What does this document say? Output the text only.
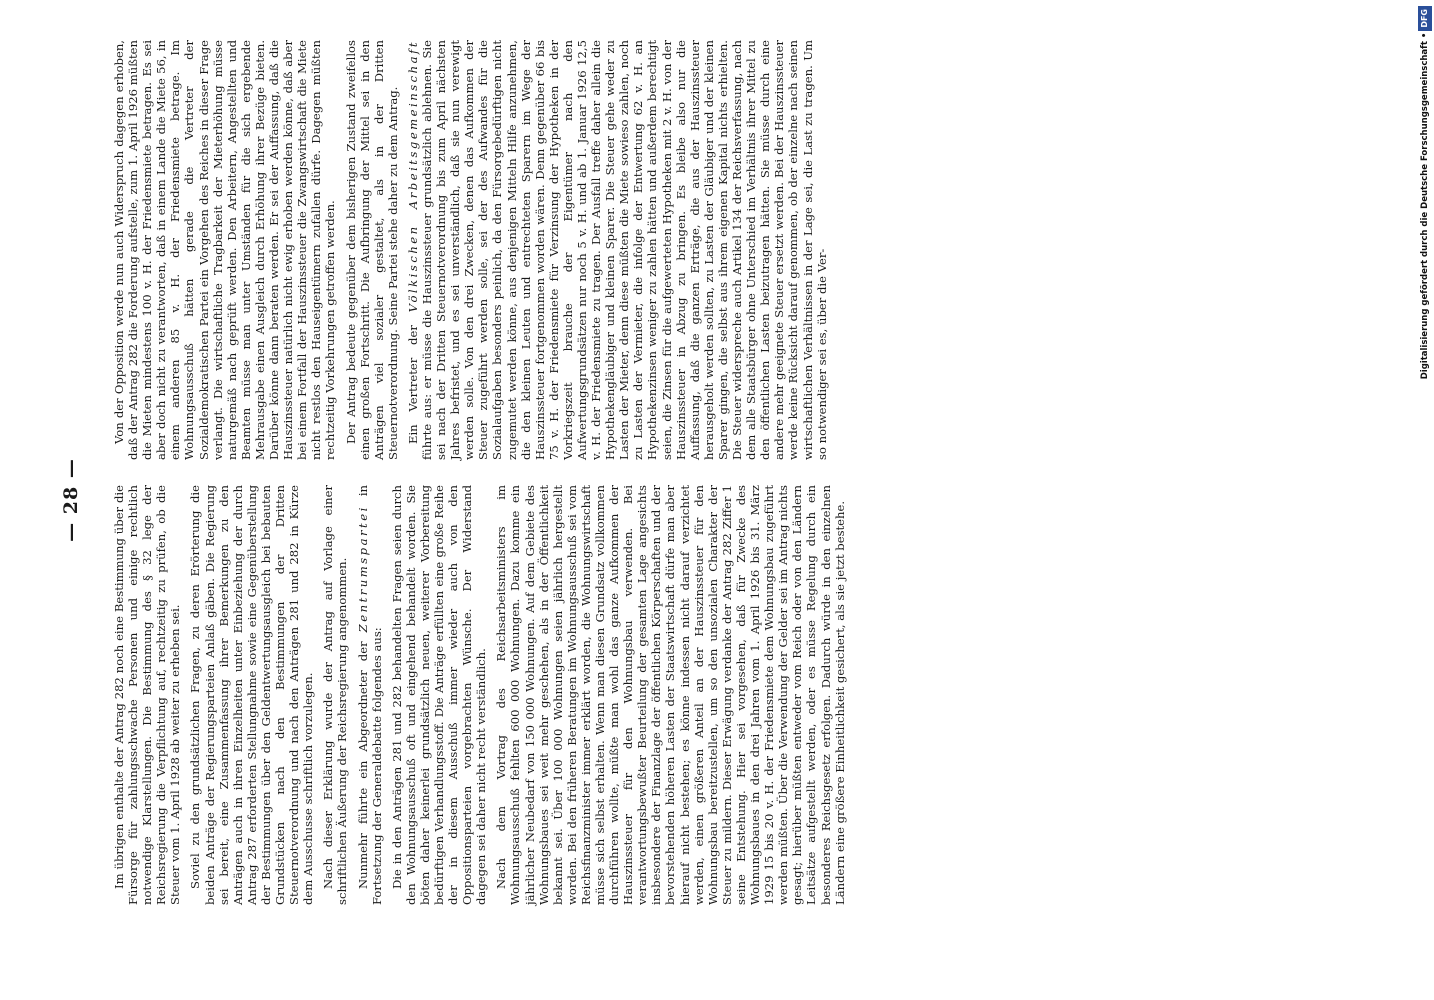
— 28 —	Im übrigen enthalte der Antrag 282 noch eine Bestimmung über die Fürsorge für zahlungsschwache Personen und einige rechtlich notwendige Klarstellungen. Die Bestimmung des § 32 lege der Reichsregierung die Verpflichtung auf, rechtzeitig zu prüfen, ob die Steuer vom 1. April 1928 ab weiter zu erheben sei. Soviel zu den grundsätzlichen Fragen, zu deren Erörterung die beiden Anträge der Regierungsparteien Anlaß gäben. Die Regierung sei bereit, eine Zusammenfassung ihrer Bemerkungen zu den Anträgen auch in ihren Einzelheiten unter Einbeziehung der durch Antrag 287 erforderten Stellungnahme sowie eine Gegenüberstellung der Bestimmungen über den Geldentwertungsausgleich bei bebauten Grundstücken nach den Bestimmungen der Dritten Steuernotverordnung und nach den Anträgen 281 und 282 in Kürze dem Ausschusse schriftlich vorzulegen. Nach dieser Erklärung wurde der Antrag auf Vorlage einer schriftlichen Äußerung der Reichsregierung angenommen. Nunmehr führte ein Abgeordneter der Zentrumspartei in Fortsetzung der Generaldebatte folgendes aus: Die in den Anträgen 281 und 282 behandelten Fragen seien durch den Wohnungsausschuß oft und eingehend behandelt worden. Sie böten daher keinerlei grundsätzlich neuen, weiterer Vorbereitung bedürftigen Verhandlungsstoff. Die Anträge erfüllten eine große Reihe der in diesem Ausschuß immer wieder auch von den Oppositionsparteien vorgebrachten Wünsche. Der Widerstand dagegen sei daher nicht recht verständlich. Nach dem Vortrag des Reichsarbeitsministers im Wohnungsausschuß fehlten 600 000 Wohnungen. Dazu komme ein jährlicher Neubedarf von 150 000 Wohnungen. Auf dem Gebiete des Wohnungsbaues sei weit mehr geschehen, als in der Öffentlichkeit bekannt sei. Über 100 000 Wohnungen seien jährlich hergestellt worden. Bei den früheren Beratungen im Wohnungsausschuß sei vom Reichsfinanzminister immer erklärt worden, die Wohnungswirtschaft müsse sich selbst erhalten. Wenn man diesen Grundsatz vollkommen durchführen wollte, müßte man wohl das ganze Aufkommen der Hauszinssteuer für den Wohnungsbau verwenden. Bei verantwortungsbewußter Beurteilung der gesamten Lage angesichts insbesondere der Finanzlage der öffentlichen Körperschaften und der bevorstehenden höheren Lasten der Staatswirtschaft dürfe man aber hierauf nicht bestehen; es könne indessen nicht darauf verzichtet werden, einen größeren Anteil an der Hauszinssteuer für den Wohnungsbau bereitzustellen, um so den unsozialen Charakter der Steuer zu mildern. Dieser Erwägung verdanke der Antrag 282 Ziffer 1 seine Entstehung. Hier sei vorgesehen, daß für Zwecke des Wohnungsbaues in den drei Jahren vom 1. April 1926 bis 31. März 1929 15 bis 20 v. H. der Friedensmiete dem Wohnungsbau zugeführt werden müßten. Über die Verwendung der Gelder sei im Antrag nichts gesagt; hierüber müßten entweder vom Reich oder von den Ländern Leitsätze aufgestellt werden, oder es müsse Regelung durch ein besonderes Reichsgesetz erfolgen. Dadurch würde in den einzelnen Ländern eine größere Einheitlichkeit gesichert, als sie jetzt bestehe.

Von der Opposition werde nun auch Widerspruch dagegen erhoben, daß der Antrag 282 die Forderung aufstelle, zum 1. April 1926 müßten die Mieten mindestens 100 v. H. der Friedensmiete betragen. Es sei aber doch nicht zu verantworten, daß in einem Lande die Miete 56, in einem anderen 85 v. H. der Friedensmiete betrage. Im Wohnungsausschuß hätten gerade die Vertreter der Sozialdemokratischen Partei ein Vorgehen des Reiches in dieser Frage verlangt. Die wirtschaftliche Tragbarkeit der Mieterhöhung müsse naturgemäß nach geprüft werden. Den Arbeitern, Angestellten und Beamten müsse man unter Umständen für die sich ergebende Mehrausgabe einen Ausgleich durch Erhöhung ihrer Bezüge bieten. Darüber könne dann beraten werden. Er sei der Auffassung, daß die Hauszinssteuer natürlich nicht ewig erhoben werden könne, daß aber bei einem Fortfall der Hauszinssteuer die Zwangswirtschaft die Miete nicht restlos den Hauseigentümern zufallen dürfe. Dagegen müßten rechtzeitig Vorkehrungen getroffen werden. Der Antrag bedeute gegenüber dem bisherigen Zustand zweifellos einen großen Fortschritt. Die Aufbringung der Mittel sei in den Anträgen viel sozialer gestaltet, als in der Dritten Steuernotverordnung. Seine Partei stehe daher zu dem Antrag. Ein Vertreter der Völkischen Arbeitsgemeinschaft führte aus: er müsse die Hauszinssteuer grundsätzlich ablehnen. Sie sei nach der Dritten Steuernotverordnung bis zum April nächsten Jahres befristet, und es sei unverständlich, daß sie nun verewigt werden solle. Von den drei Zwecken, denen das Aufkommen der Steuer zugeführt werden solle, sei der des Aufwandes für die Sozialaufgaben besonders peinlich, da den Fürsorgebedürftigen nicht zugemutet werden könne, aus denjenigen Mitteln Hilfe anzunehmen, die den kleinen Leuten und entrechteten Sparern im Wege der Hauszinssteuer fortgenommen worden wären. Denn gegenüber 66 bis 75 v. H. der Friedensmiete für Verzinsung der Hypotheken in der Vorkriegszeit brauche der Eigentümer nach den Aufwertungsgrundsätzen nur noch 5 v. H. und ab 1. Januar 1926 12,5 v. H. der Friedensmiete zu tragen. Der Ausfall treffe daher allein die Hypothekengläubiger und kleinen Sparer. Die Steuer gehe weder zu Lasten der Mieter, denn diese müßten die Miete sowieso zahlen, noch zu Lasten der Vermieter, die infolge der Entwertung 62 v. H. an Hypothekenzinsen weniger zu zahlen hätten und außerdem berechtigt seien, die Zinsen für die aufgewerteten Hypotheken mit 2 v. H. von der Hauszinssteuer in Abzug zu bringen. Es bleibe also nur die Auffassung, daß die ganzen Erträge, die aus der Hauszinssteuer herausgeholt werden sollten, zu Lasten der Gläubiger und der kleinen Sparer gingen, die selbst aus ihrem eigenen Kapital nichts erhielten. Die Steuer widerspreche auch Artikel 134 der Reichsverfassung, nach dem alle Staatsbürger ohne Unterschied im Verhältnis ihrer Mittel zu den öffentlichen Lasten beizutragen hätten. Sie müsse durch eine andere mehr geeignete Steuer ersetzt werden. Bei der Hauszinssteuer werde keine Rücksicht darauf genommen, ob der einzelne nach seinen wirtschaftlichen Verhältnissen in der Lage sei, die Last zu tragen. Um so notwendiger sei es, über die Ver-	Digitalisierung gefördert durch die Deutsche Forschungsgemeinschaft •DFG
